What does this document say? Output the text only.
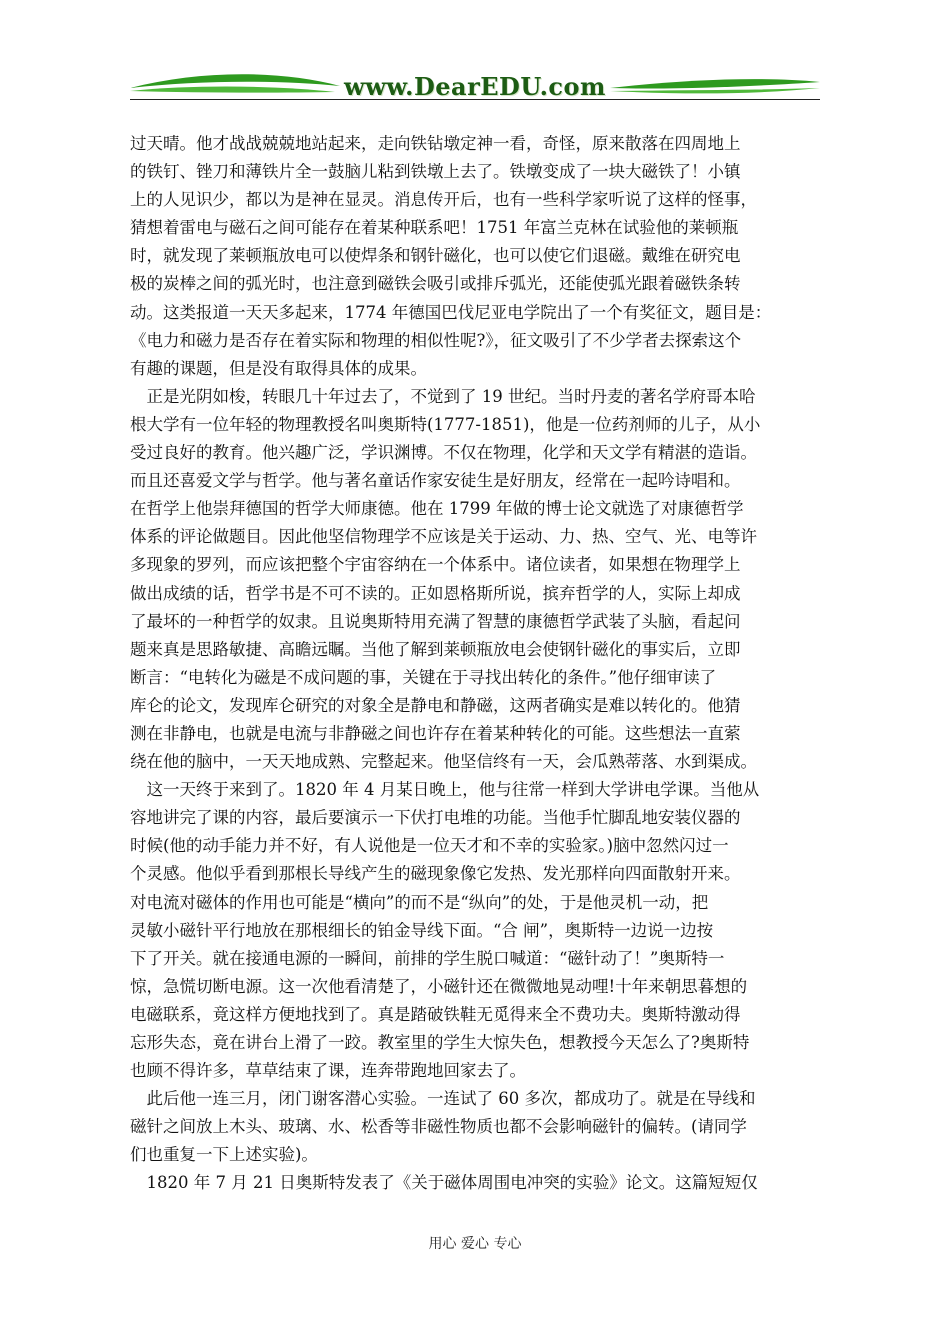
www.DearEDU.com
过天晴。他才战战兢兢地站起来，走向铁钻墩定神一看，奇怪，原来散落在四周地上
的铁钉、锉刀和薄铁片全一鼓脑儿粘到铁墩上去了。铁墩变成了一块大磁铁了！小镇
上的人见识少，都以为是神在显灵。消息传开后，也有一些科学家听说了这样的怪事，
猜想着雷电与磁石之间可能存在着某种联系吧！1751 年富兰克林在试验他的莱顿瓶
时，就发现了莱顿瓶放电可以使焊条和钢针磁化，也可以使它们退磁。戴维在研究电
极的炭棒之间的弧光时，也注意到磁铁会吸引或排斥弧光，还能使弧光跟着磁铁条转
动。这类报道一天天多起来，1774 年德国巴伐尼亚电学院出了一个有奖征文，题目是：
《电力和磁力是否存在着实际和物理的相似性呢?》，征文吸引了不少学者去探索这个
有趣的课题，但是没有取得具体的成果。
　正是光阴如梭，转眼几十年过去了，不觉到了 19 世纪。当时丹麦的著名学府哥本哈
根大学有一位年轻的物理教授名叫奥斯特(1777-1851)，他是一位药剂师的儿子，从小
受过良好的教育。他兴趣广泛，学识渊博。不仅在物理，化学和天文学有精湛的造诣。
而且还喜爱文学与哲学。他与著名童话作家安徒生是好朋友，经常在一起吟诗唱和。
在哲学上他崇拜德国的哲学大师康德。他在 1799 年做的博士论文就选了对康德哲学
体系的评论做题目。因此他坚信物理学不应该是关于运动、力、热、空气、光、电等许
多现象的罗列，而应该把整个宇宙容纳在一个体系中。诸位读者，如果想在物理学上
做出成绩的话，哲学书是不可不读的。正如恩格斯所说，摈弃哲学的人，实际上却成
了最坏的一种哲学的奴隶。且说奥斯特用充满了智慧的康德哲学武装了头脑，看起问
题来真是思路敏捷、高瞻远瞩。当他了解到莱顿瓶放电会使钢针磁化的事实后，立即
断言：“电转化为磁是不成问题的事，关键在于寻找出转化的条件。”他仔细审读了
库仑的论文，发现库仑研究的对象全是静电和静磁，这两者确实是难以转化的。他猜
测在非静电，也就是电流与非静磁之间也许存在着某种转化的可能。这些想法一直萦
绕在他的脑中，一天天地成熟、完整起来。他坚信终有一天，会瓜熟蒂落、水到渠成。
　这一天终于来到了。1820 年 4 月某日晚上，他与往常一样到大学讲电学课。当他从
容地讲完了课的内容，最后要演示一下伏打电堆的功能。当他手忙脚乱地安装仪器的
时候(他的动手能力并不好，有人说他是一位天才和不幸的实验家。)脑中忽然闪过一
个灵感。他似乎看到那根长导线产生的磁现象像它发热、发光那样向四面散射开来。
对电流对磁体的作用也可能是“横向”的而不是“纵向”的处，于是他灵机一动，把
灵敏小磁针平行地放在那根细长的铂金导线下面。“合 闸”，奥斯特一边说一边按
下了开关。就在接通电源的一瞬间，前排的学生脱口喊道：“磁针动了！”奥斯特一
惊，急慌切断电源。这一次他看清楚了，小磁针还在微微地晃动哩!十年来朝思暮想的
电磁联系，竟这样方便地找到了。真是踏破铁鞋无觅得来全不费功夫。奥斯特激动得
忘形失态，竟在讲台上滑了一跤。教室里的学生大惊失色，想教授今天怎么了?奥斯特
也顾不得许多，草草结束了课，连奔带跑地回家去了。
　此后他一连三月，闭门谢客潜心实验。一连试了 60 多次，都成功了。就是在导线和
磁针之间放上木头、玻璃、水、松香等非磁性物质也都不会影响磁针的偏转。(请同学
们也重复一下上述实验)。
　1820 年 7 月 21 日奥斯特发表了《关于磁体周围电冲突的实验》论文。这篇短短仅
用心 爱心 专心
